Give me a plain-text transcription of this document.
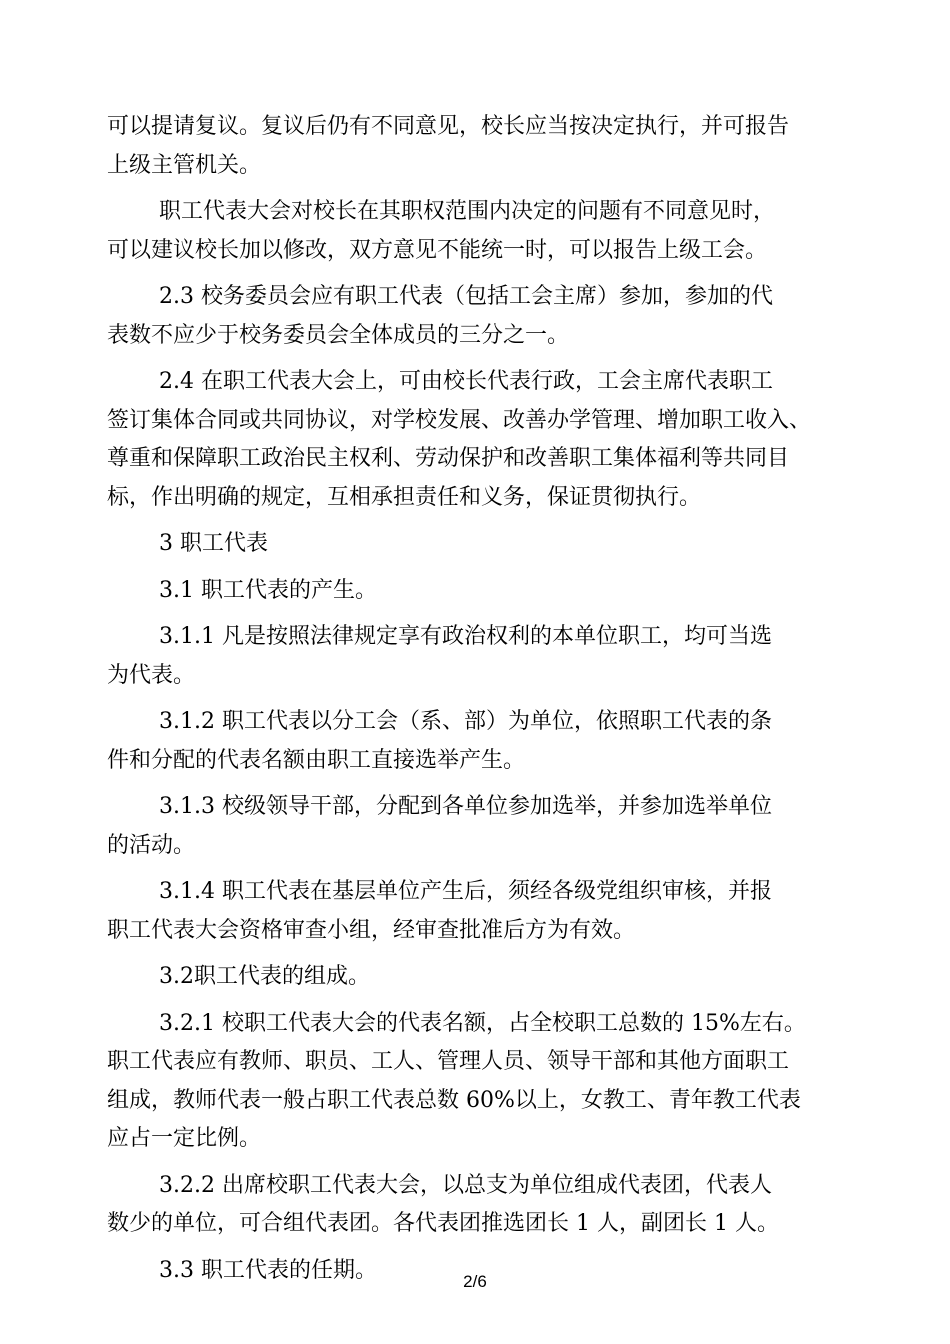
可以提请复议。复议后仍有不同意见，校长应当按决定执行，并可报告
上级主管机关。
职工代表大会对校长在其职权范围内决定的问题有不同意见时，
可以建议校长加以修改，双方意见不能统一时，可以报告上级工会。
2.3 校务委员会应有职工代表（包括工会主席）参加，参加的代
表数不应少于校务委员会全体成员的三分之一。
2.4 在职工代表大会上，可由校长代表行政，工会主席代表职工
签订集体合同或共同协议，对学校发展、改善办学管理、增加职工收入、
尊重和保障职工政治民主权利、劳动保护和改善职工集体福利等共同目
标，作出明确的规定，互相承担责任和义务，保证贯彻执行。
3 职工代表
3.1 职工代表的产生。
3.1.1 凡是按照法律规定享有政治权利的本单位职工，均可当选
为代表。
3.1.2 职工代表以分工会（系、部）为单位，依照职工代表的条
件和分配的代表名额由职工直接选举产生。
3.1.3 校级领导干部，分配到各单位参加选举，并参加选举单位
的活动。
3.1.4 职工代表在基层单位产生后，须经各级党组织审核，并报
职工代表大会资格审查小组，经审查批准后方为有效。
3.2职工代表的组成。
3.2.1 校职工代表大会的代表名额，占全校职工总数的 15%左右。
职工代表应有教师、职员、工人、管理人员、领导干部和其他方面职工
组成，教师代表一般占职工代表总数 60%以上，女教工、青年教工代表
应占一定比例。
3.2.2 出席校职工代表大会，以总支为单位组成代表团，代表人
数少的单位，可合组代表团。各代表团推选团长 1 人，副团长 1 人。
3.3 职工代表的任期。	2/6
